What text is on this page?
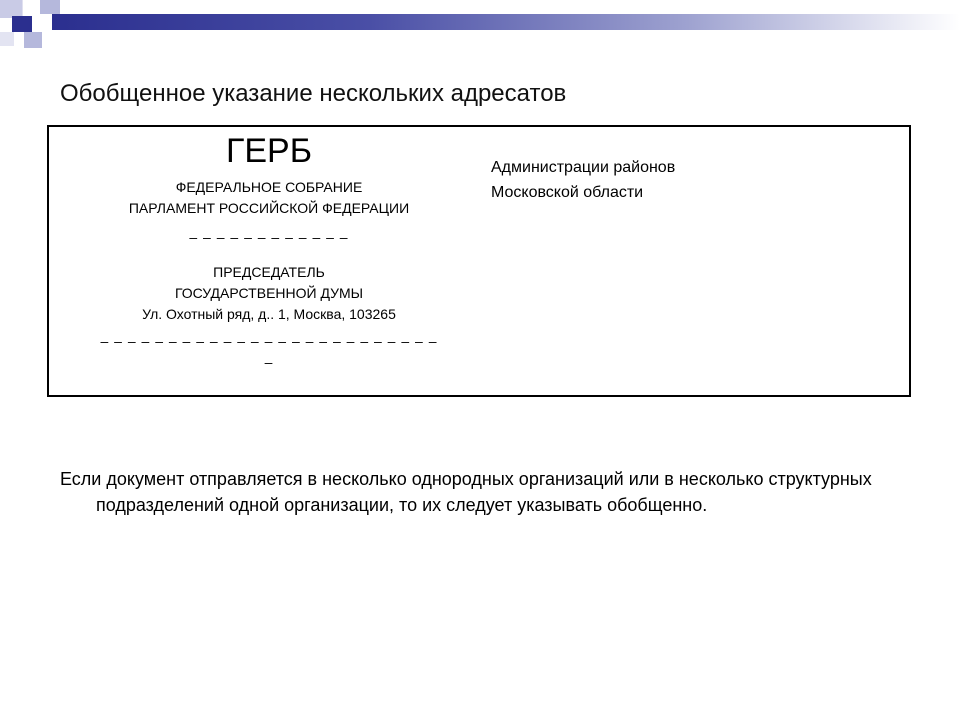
Обобщенное указание нескольких адресатов
ГЕРБ
ФЕДЕРАЛЬНОЕ СОБРАНИЕ
ПАРЛАМЕНТ РОССИЙСКОЙ ФЕДЕРАЦИИ
– – – – – – – – – – – –
ПРЕДСЕДАТЕЛЬ
ГОСУДАРСТВЕННОЙ ДУМЫ
Ул. Охотный ряд, д.. 1, Москва, 103265
– – – – – – – – – – – – – – – – – – – – – – – – – –
Администрации районов
Московской области
Если документ отправляется в несколько однородных организаций или в несколько структурных подразделений одной организации, то их следует указывать обобщенно.
